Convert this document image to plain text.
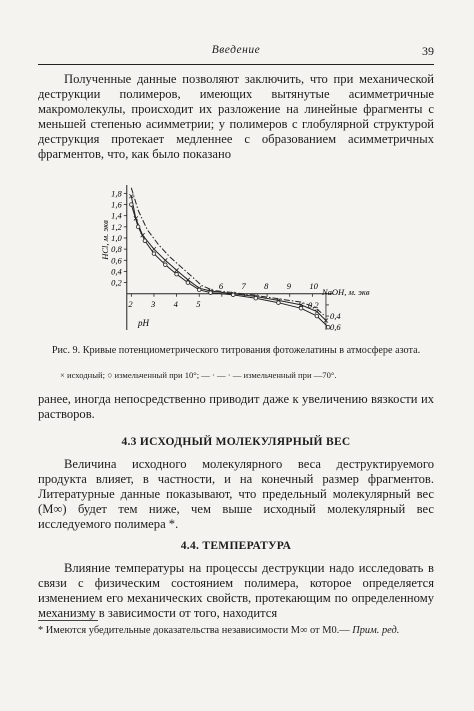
Введение	39

Полученные данные позволяют заключить, что при механической деструкции полимеров, имеющих вытянутые асимметричные макромолекулы, происходит их разложение на линейные фрагменты с меньшей степенью асимметрии; у полимеров с глобулярной структурой деструкция протекает медленнее с образованием асимметричных фрагментов, что, как было показано

1,8
1,6
1,4
1,2
1,0
0,8
0,6
0,4
0,2
0,2
0,4
0,6
2 3 4 5
6 7 8 9 10
HCl, м. экв
NaOH, м. экв
pH

Рис. 9. Кривые потенциометрического титрования фотожелатины в атмосфере азота.

× исходный; ○ измельченный при 10°; — · — · — измельченный при —70°.

ранее, иногда непосредственно приводит даже к увеличению вязкости их растворов.

4.3 ИСХОДНЫЙ МОЛЕКУЛЯРНЫЙ ВЕС

Величина исходного молекулярного веса деструктируемого продукта влияет, в частности, и на конечный размер фрагментов. Литературные данные показывают, что предельный молекулярный вес (M∞) будет тем ниже, чем выше исходный молекулярный вес исследуемого полимера *.

4.4. ТЕМПЕРАТУРА

Влияние температуры на процессы деструкции надо исследовать в связи с физическим состоянием полимера, которое определяется изменением его механических свойств, протекающим по определенному механизму в зависимости от того, находится

* Имеются убедительные доказательства независимости M∞ от M0.— Прим. ред.
